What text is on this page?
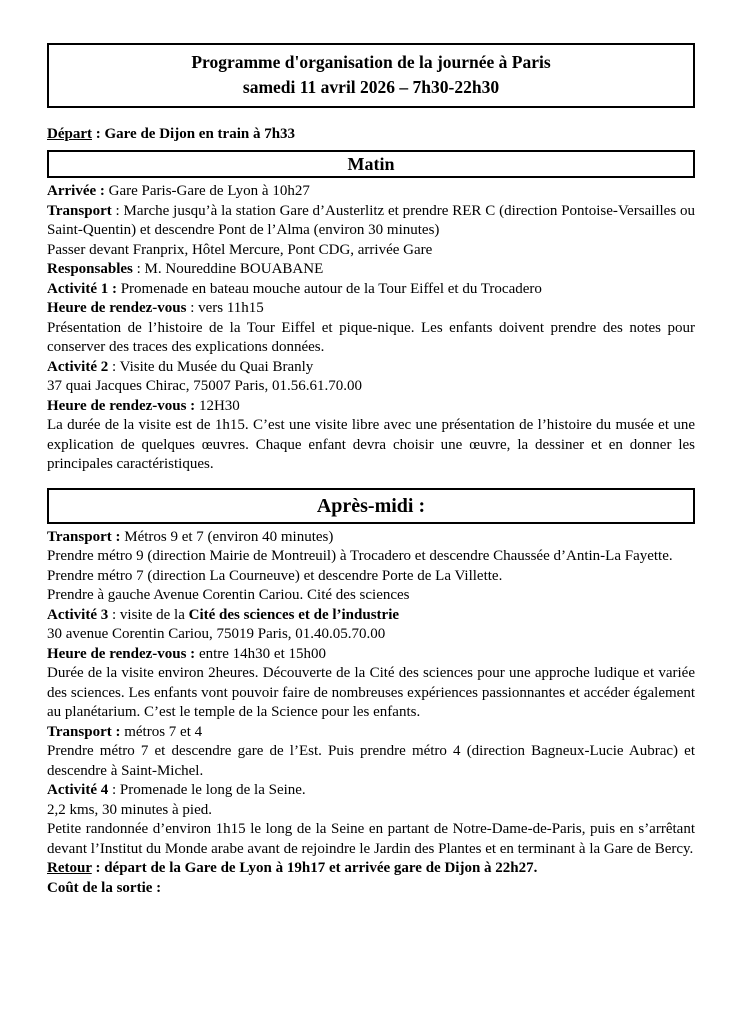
Programme d'organisation de la journée à Paris
samedi 11 avril 2026 – 7h30-22h30

Départ : Gare de Dijon en train à 7h33

Matin

Arrivée : Gare Paris-Gare de Lyon à 10h27

Transport : Marche jusqu’à la station Gare d’Austerlitz et prendre RER C (direction Pontoise-Versailles ou Saint-Quentin) et descendre Pont de l’Alma (environ 30 minutes)

Passer devant Franprix, Hôtel Mercure, Pont CDG, arrivée Gare

Responsables : M. Noureddine BOUABANE

Activité 1 : Promenade en bateau mouche autour de la Tour Eiffel et du Trocadero

Heure de rendez-vous : vers 11h15

Présentation de l’histoire de la Tour Eiffel et pique-nique. Les enfants doivent prendre des notes pour conserver des traces des explications données.

Activité 2 : Visite du Musée du Quai Branly

37 quai Jacques Chirac, 75007 Paris, 01.56.61.70.00

Heure de rendez-vous : 12H30

La durée de la visite est de 1h15. C’est une visite libre avec une présentation de l’histoire du musée et une explication de quelques œuvres. Chaque enfant devra choisir une œuvre, la dessiner et en donner les principales caractéristiques.

Après-midi :

Transport : Métros 9 et 7 (environ 40 minutes)

Prendre métro 9 (direction Mairie de Montreuil) à Trocadero et descendre Chaussée d’Antin-La Fayette.

Prendre métro 7 (direction La Courneuve) et descendre Porte de La Villette.

Prendre à gauche Avenue Corentin Cariou. Cité des sciences

Activité 3 : visite de la Cité des sciences et de l’industrie

30 avenue Corentin Cariou, 75019 Paris, 01.40.05.70.00

Heure de rendez-vous : entre 14h30 et 15h00

Durée de la visite environ 2heures. Découverte de la Cité des sciences pour une approche ludique et variée des sciences. Les enfants vont pouvoir faire de nombreuses expériences passionnantes et accéder également au planétarium. C’est le temple de la Science pour les enfants.

Transport : métros 7 et 4

Prendre métro 7 et descendre gare de l’Est. Puis prendre métro 4 (direction Bagneux-Lucie Aubrac) et descendre à Saint-Michel.

Activité 4 : Promenade le long de la Seine.

2,2 kms, 30 minutes à pied.

Petite randonnée d’environ 1h15 le long de la Seine en partant de Notre-Dame-de-Paris, puis en s’arrêtant devant l’Institut du Monde arabe avant de rejoindre le Jardin des Plantes et en terminant à la Gare de Bercy.

Retour : départ de la Gare de Lyon à 19h17 et arrivée gare de Dijon à 22h27.

Coût de la sortie :
